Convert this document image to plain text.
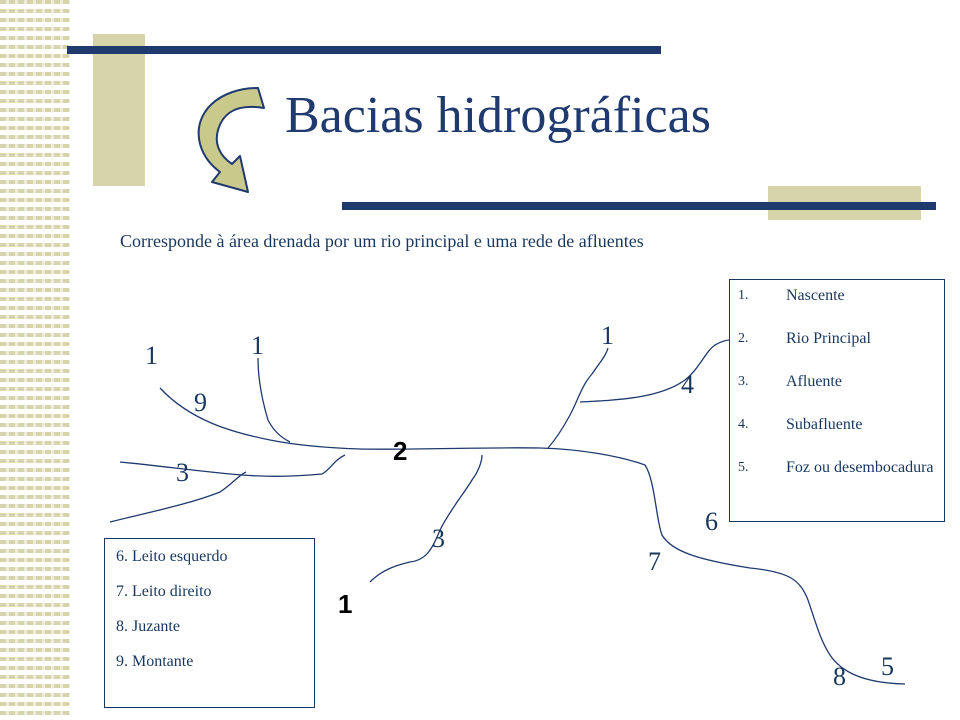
Bacias hidrográficas
Corresponde à área drenada por um rio principal e uma rede de afluentes
1	1	1
1
9
2
3
3
4
6
7
8 5
1. Nascente
2. Rio Principal
3. Afluente
4. Subafluente
5. Foz ou desembocadura
6. Leito esquerdo
7. Leito direito
8. Juzante
9. Montante
